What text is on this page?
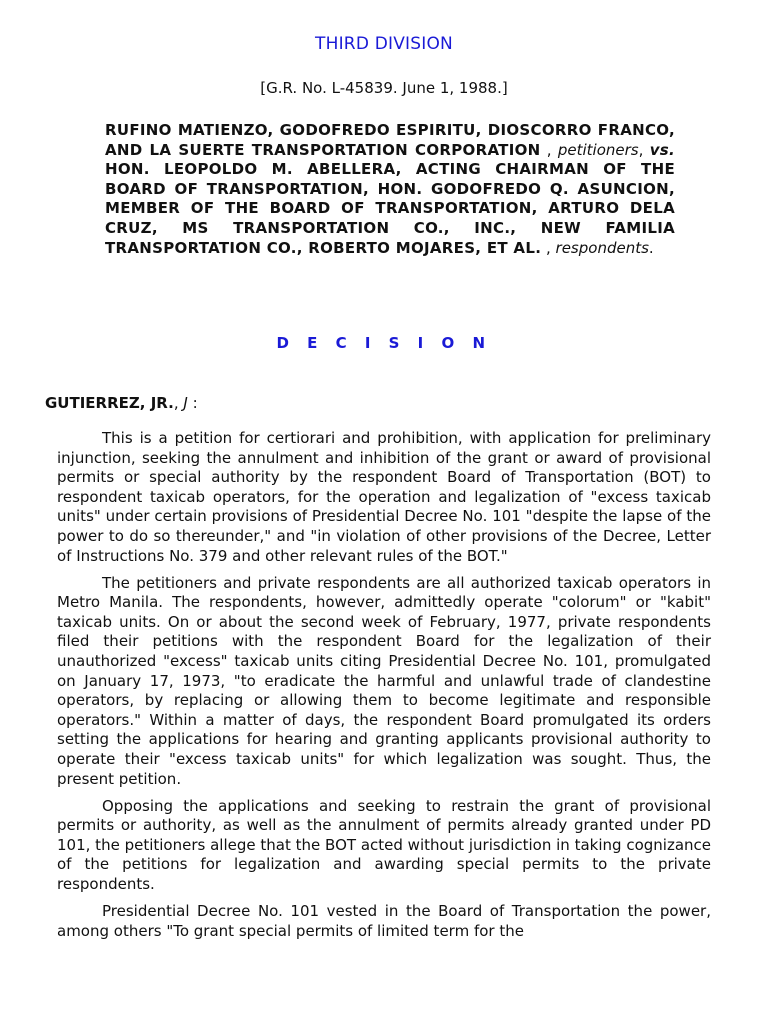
THIRD DIVISION
[G.R. No. L-45839. June 1, 1988.]
RUFINO MATIENZO, GODOFREDO ESPIRITU, DIOSCORRO FRANCO, AND LA SUERTE TRANSPORTATION CORPORATION , petitioners, vs. HON. LEOPOLDO M. ABELLERA, ACTING CHAIRMAN OF THE BOARD OF TRANSPORTATION, HON. GODOFREDO Q. ASUNCION, MEMBER OF THE BOARD OF TRANSPORTATION, ARTURO DELA CRUZ, MS TRANSPORTATION CO., INC., NEW FAMILIA TRANSPORTATION CO., ROBERTO MOJARES, ET AL. , respondents.
D E C I S I O N
GUTIERREZ, JR., J :

This is a petition for certiorari and prohibition, with application for preliminary injunction, seeking the annulment and inhibition of the grant or award of provisional permits or special authority by the respondent Board of Transportation (BOT) to respondent taxicab operators, for the operation and legalization of "excess taxicab units" under certain provisions of Presidential Decree No. 101 "despite the lapse of the power to do so thereunder," and "in violation of other provisions of the Decree, Letter of Instructions No. 379 and other relevant rules of the BOT."

The petitioners and private respondents are all authorized taxicab operators in Metro Manila. The respondents, however, admittedly operate "colorum" or "kabit" taxicab units. On or about the second week of February, 1977, private respondents filed their petitions with the respondent Board for the legalization of their unauthorized "excess" taxicab units citing Presidential Decree No. 101, promulgated on January 17, 1973, "to eradicate the harmful and unlawful trade of clandestine operators, by replacing or allowing them to become legitimate and responsible operators." Within a matter of days, the respondent Board promulgated its orders setting the applications for hearing and granting applicants provisional authority to operate their "excess taxicab units" for which legalization was sought. Thus, the present petition.

Opposing the applications and seeking to restrain the grant of provisional permits or authority, as well as the annulment of permits already granted under PD 101, the petitioners allege that the BOT acted without jurisdiction in taking cognizance of the petitions for legalization and awarding special permits to the private respondents.

Presidential Decree No. 101 vested in the Board of Transportation the power, among others "To grant special permits of limited term for the
